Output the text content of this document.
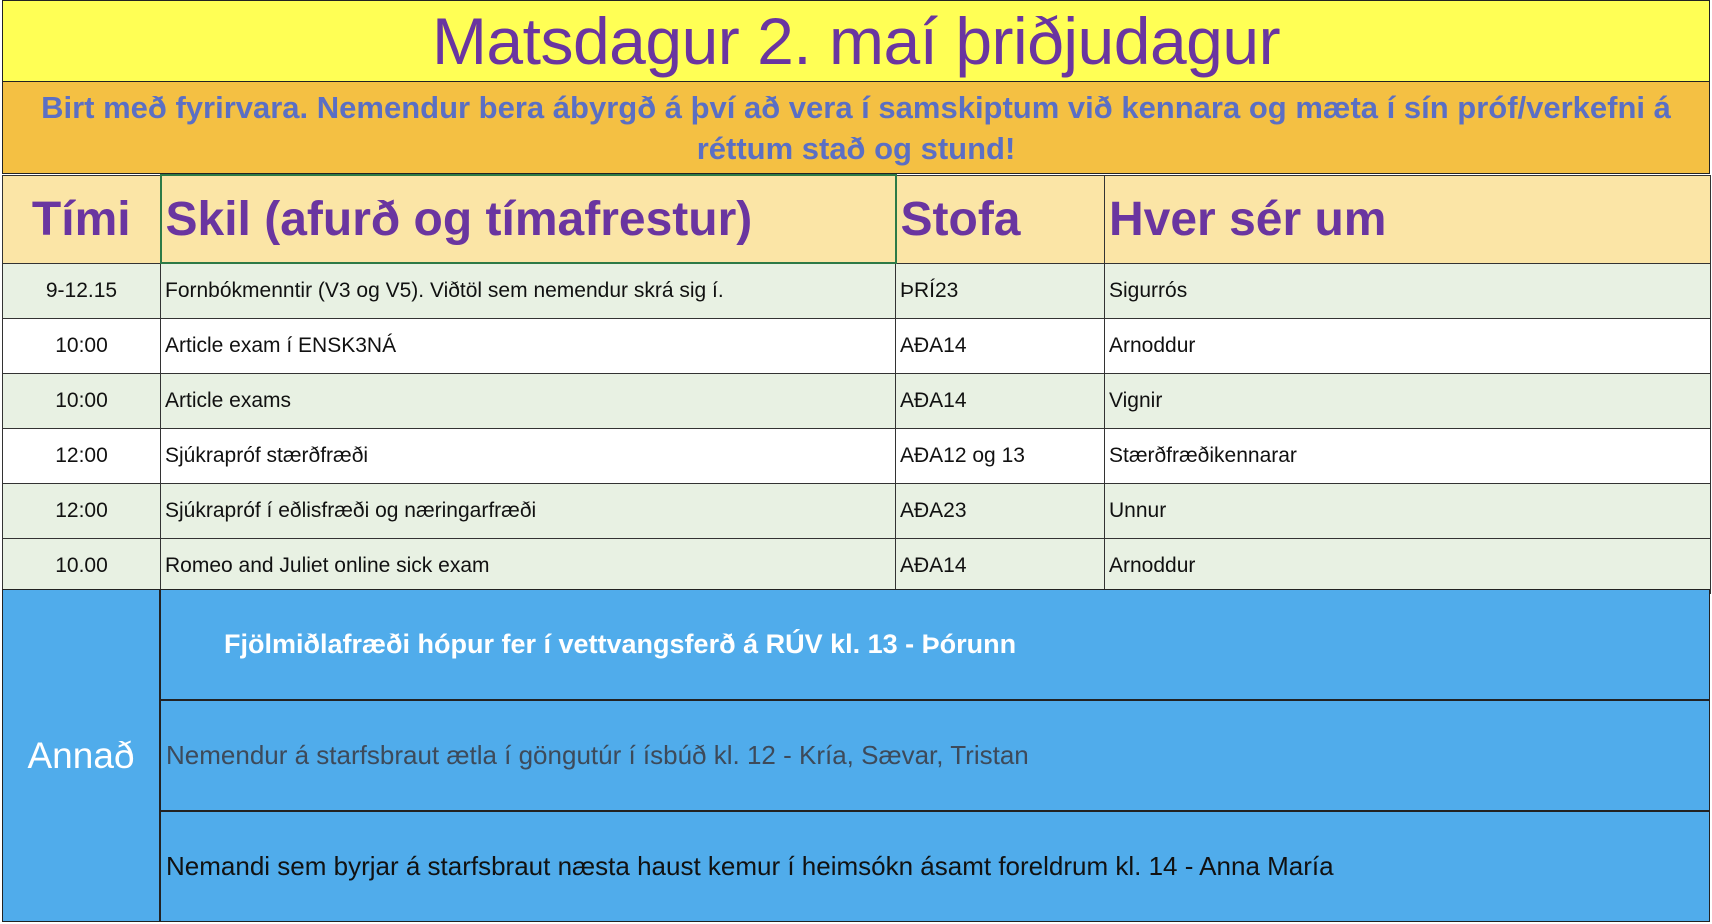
Matsdagur 2. maí þriðjudagur
Birt með fyrirvara. Nemendur bera ábyrgð á því að vera í samskiptum við kennara og mæta í sín próf/verkefni á réttum stað og stund!
Tími	Skil (afurð og tímafrestur)	Stofa	Hver sér um
9-12.15	Fornbókmenntir (V3 og V5). Viðtöl sem nemendur skrá sig í.	ÞRÍ23	Sigurrós
10:00	Article exam í ENSK3NÁ	AÐA14	Arnoddur
10:00	Article exams	AÐA14	Vignir
12:00	Sjúkrapróf stærðfræði	AÐA12 og 13	Stærðfræðikennarar
12:00	Sjúkrapróf í eðlisfræði og næringarfræði	AÐA23	Unnur
10.00	Romeo and Juliet online sick exam	AÐA14	Arnoddur
Annað
Fjölmiðlafræði hópur fer í vettvangsferð á RÚV kl. 13 - Þórunn
Nemendur á starfsbraut ætla í göngutúr í ísbúð kl. 12 - Kría, Sævar, Tristan
Nemandi sem byrjar á starfsbraut næsta haust kemur í heimsókn ásamt foreldrum kl. 14 - Anna María
